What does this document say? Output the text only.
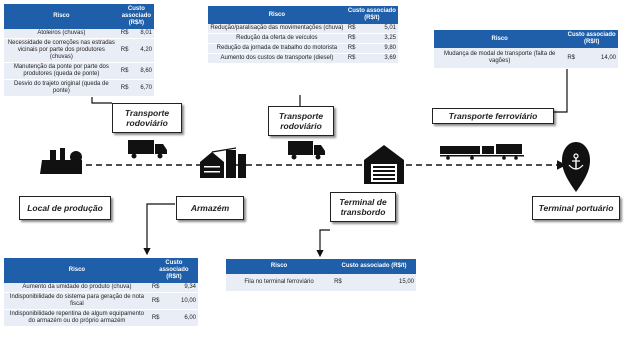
Risco	Custo associado (R$/t)	
Atoleiros (chuvas)	R$	8,01
Necessidade de correções nas estradas vicinais por parte dos produtores (chuvas)	R$	4,20
Manutenção da ponte por parte dos produtores (queda de ponte)	R$	8,60
Desvio do trajeto original (queda de ponte)	R$	6,70
Risco	Custo associado (R$/t)	
Redução/paralisação das movimentações (chuva)	R$	5,01
Redução da oferta de veículos	R$	3,25
Redução da jornada de trabalho do motorista	R$	9,80
Aumento dos custos de transporte (diesel)	R$	3,69
Risco	Custo associado (R$/t)	
Mudança de modal de transporte (falta de vagões)	R$	14,00
Risco	Custo associado (R$/t)	
Aumento da umidade do produto (chuva)	R$	9,34
Indisponibilidade do sistema para geração de nota fiscal	R$	10,00
Indisponibilidade repentina de algum equipamento do armazém ou do próprio armazém	R$	6,00
Risco	Custo associado (R$/t)	
Fila no terminal ferroviário	R$	15,00
Transporte rodoviário
Transporte rodoviário
Transporte ferroviário
Local de produção	Armazém
Terminal de transbordo	Terminal portuário
